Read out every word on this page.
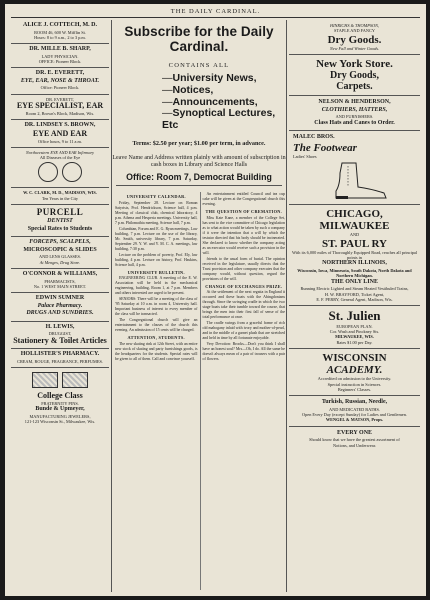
THE DAILY CARDINAL.
ALICE J. COTTECH, M. D.
ROOM 46, 600 W. Mifflin St.
Hours: 8 to 9 a.m., 2 to 3 p.m.
DR. MILLE B. SHARP,
LADY PHYSICIAN.
OFFICE: Pioneer Block.
DR. E. EVERETT,
EYE, EAR, NOSE & THROAT.
Office: Pioneer Block.
DR. EVERETT,
EYE SPECIALIST, EAR
Room 2, Brown's Block, Madison, Wis.
DR. LINDSEY S. BROWN,
EYE AND EAR
Office hours, 9 to 11 a.m.
Northwestern EYE AND EAR Infirmary
All Diseases of the Eye

W. C. CLARK, M. D., MADISON, WIS.
Ten Years in the City
PURCELL
DENTIST
Special Rates to Students
FORCEPS, SCALPELS,
MICROSCOPIC & SLIDES
AND LENS GLASSES.
At Menges, Drug Store.
O'CONNOR & WILLIAMS,
PHARMACISTS,
No. 1 WEST MAIN STREET.
EDWIN SUMNER
Palace Pharmacy.
DRUGS AND SUNDRIES.
H. LEWIS,
DRUGGIST,
Stationery & Toilet Articles
HOLLISTER'S PHARMACY.
CREAM, ROUGE, FRAGRANCE, PERFUMES.

College Class
FRATERNITY PINS.
Bunde & Upmeyer,
MANUFACTURING JEWELERS,
121-123 Wisconsin St., Milwaukee, Wis.
Subscribe for the Daily Cardinal.
CONTAINS ALL
— University News,
— Notices,
— Announcements,
— Synoptical Lectures, Etc
Terms: $2.50 per year; $1.00 per term, in advance.
Leave Name and Address written plainly with amount of subscription in cash boxes in Library and Science Halls
Office: Room 7, Democrat Building
UNIVERSITY CALENDAR.

Friday, September 28. Lecture on Roman Satyrists, Prof. Hendrickson, Science hall, 4 p.m. Meeting of classical club, chemical laboratory, 4 p.m. Athena and Hesperia meetings. University hall, 7 p.m. Philomathia meeting, Science hall, 7 p.m.

Columbian, Forum and E. G. Ryan meetings, Law building, 7 p.m. Lecture on the use of the library, Mr. Smith, university library, 7 p.m. Saturday, September 29. Y. W. and Y. M. C. A. meetings, law building, 7:30 p.m.

Lecture on the problem of poverty, Prof. Ely, law building, 4 p.m. Lecture on history, Prof. Haskins, Science hall, 4 p.m.

UNIVERSITY BULLETIN.

ENGINEERING CLUB. A meeting of the E. W. Association will be held in the mechanical engineering, building, Room 1, at 7 p.m. Members and others interested are urged to be present.

SENIORS: There will be a meeting of the class of '95 Saturday at 10 a.m. in room 4, University hall. Important business of interest to every member of the class will be transacted.

The Congregational church will give an entertainment to the classes of the church this evening. An admission of 15 cents will be charged.

ATTENTION, STUDENTS.

The new skating rink at 12th Street, with an entire new stock of skating and party furnishings goods, is the headquarters for the students. Special rates will be given to all of them. Call and convince yourself.

An entertainment entitled Council and tea cup cake will be given at the Congregational church this evening.

THE QUESTION OF CREMATION.

Miss Kate Kane, a member of the College Set, has sent to the vice committee of Chicago legislation as to what action would be taken by such a company if it were the intention that a will by which the testator directed that his body should be incinerated. She declared to know whether the company acting as an executor would receive such a provision in the will.

friends to the usual form of burial. The opinion received in the legislature, usually directs that the Trust provision and other company executes that the company would, without question, regard the provisions of the will.

CHANGE OF EXCHANGES PRIZE.

At the settlement of the next regatta in England it occurred and these boats with the Abingdonians through. Since the swinging cradle in which the two stage boats take their tumble toward the course, that brings the men into their first fall of sense of the total performance at once.

The cradle swings from a graceful frame of rich old mahogany inlaid with ivory and mother-of-pearl, and in the middle of a garnet plush that are stretched and held in time by all fortunate enjoyable.

Very Devotion: Brooks—Don't you think I shall have an honest soul? Mrs—Oh, I do. All the same he doesn't always mean of a pair of trousers with a pair of flowers.

HINRICHS & THOMPSON,
STAPLE AND FANCY
Dry Goods.
New Fall and Winter Goods.
New York Store.
Dry Goods,
Carpets.
NELSON & HENDERSON,
CLOTHIERS, HATTERS,
AND FURNISHERS.
Class Hats and Canes to Order.
MALEC BROS.
The Footwear
Ladies' Shoes
CHICAGO,
MILWAUKEE
AND
ST. PAUL RY
With its 6,000 miles of Thoroughly Equipped Road, reaches all principal points in
NORTHERN ILLINOIS,
Wisconsin, Iowa, Minnesota, South Dakota, North Dakota and Northern Michigan.
THE ONLY LINE
Running Electric Lighted and Steam Heated Vestibuled Trains,
H. W. BRAYFORD, Ticket Agent,
E. F. PERRY, General Agent, Madison, Wis.
St. Julien
EUROPEAN PLAN.
Cor. Wash and Pinckney Sts.
MILWAUKEE, WIS.
Rates $1.00 per Day.
WISCONSIN
ACADEMY.
Accredited on admission to the University.
Special instruction in Sciences.
Beginners' Classes.
Turkish, Russian, Needle,
AND MEDICATED BATHS.
Open Every Day (except Sunday) for Ladies and Gentlemen.
WENGEL & MATSON, Props.
EVERY ONE
Should know that we have the greatest assortment of
Notions, and Underwear.
